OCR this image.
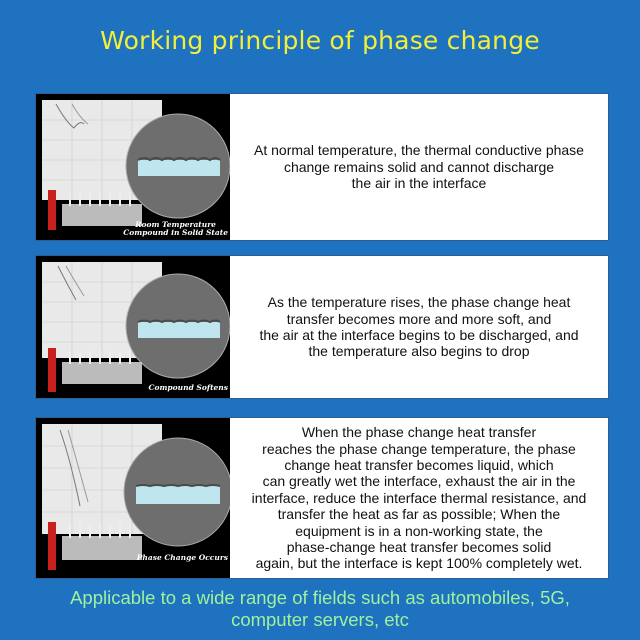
Working principle of phase change
Room Temperature
Compound in Solid State
At normal temperature, the thermal conductive phase
change remains solid and cannot discharge
the air in the interface
Compound Softens
As the temperature rises, the phase change heat
transfer becomes more and more soft, and
the air at the interface begins to be discharged, and
the temperature also begins to drop
Phase Change Occurs
When the phase change heat transfer
reaches the phase change temperature, the phase
change heat transfer becomes liquid, which
can greatly wet the interface, exhaust the air in the
interface, reduce the interface thermal resistance, and
transfer the heat as far as possible; When the
equipment is in a non-working state, the
phase-change heat transfer becomes solid
again, but the interface is kept 100% completely wet.
Applicable to a wide range of fields such as automobiles, 5G,
computer servers, etc
